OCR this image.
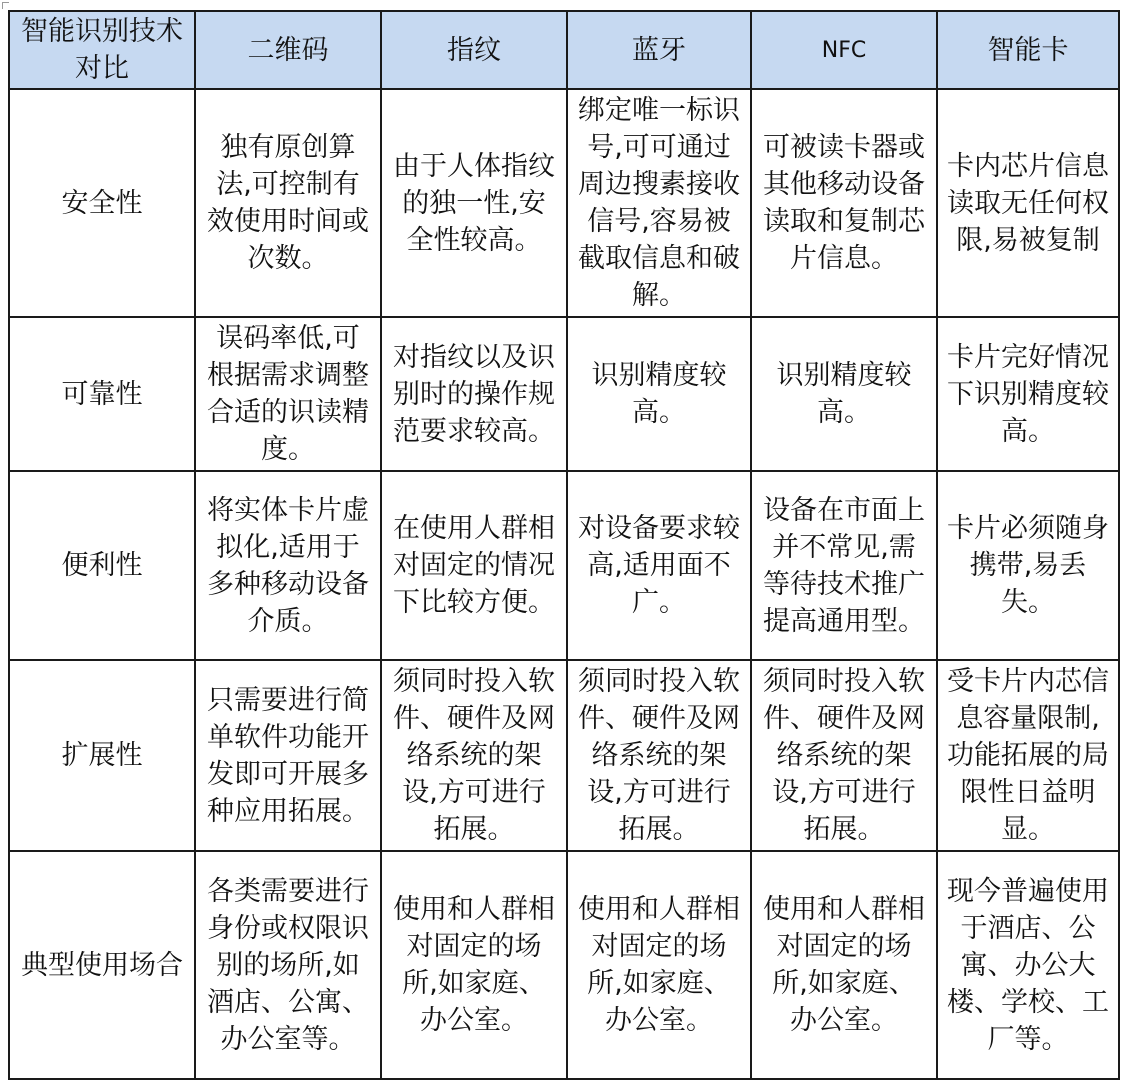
智能识别技术对比	二维码	指纹	蓝牙	NFC	智能卡
安全性	独有原创算法,可控制有效使用时间或次数。	由于人体指纹的独一性,安全性较高。	绑定唯一标识号,可可通过周边搜素接收信号,容易被截取信息和破解。	可被读卡器或其他移动设备读取和复制芯片信息。	卡内芯片信息读取无任何权限,易被复制
可靠性	误码率低,可根据需求调整合适的识读精度。	对指纹以及识别时的操作规范要求较高。	识别精度较高。	识别精度较高。	卡片完好情况下识别精度较高。
便利性	将实体卡片虚拟化,适用于多种移动设备介质。	在使用人群相对固定的情况下比较方便。	对设备要求较高,适用面不广。	设备在市面上并不常见,需等待技术推广提高通用型。	卡片必须随身携带,易丢失。
扩展性	只需要进行简单软件功能开发即可开展多种应用拓展。	须同时投入软件、硬件及网络系统的架设,方可进行拓展。	须同时投入软件、硬件及网络系统的架设,方可进行拓展。	须同时投入软件、硬件及网络系统的架设,方可进行拓展。	受卡片内芯信息容量限制,功能拓展的局限性日益明显。
典型使用场合	各类需要进行身份或权限识别的场所,如酒店、公寓、办公室等。	使用和人群相对固定的场所,如家庭、办公室。	使用和人群相对固定的场所,如家庭、办公室。	使用和人群相对固定的场所,如家庭、办公室。	现今普遍使用于酒店、公寓、办公大楼、学校、工厂等。
